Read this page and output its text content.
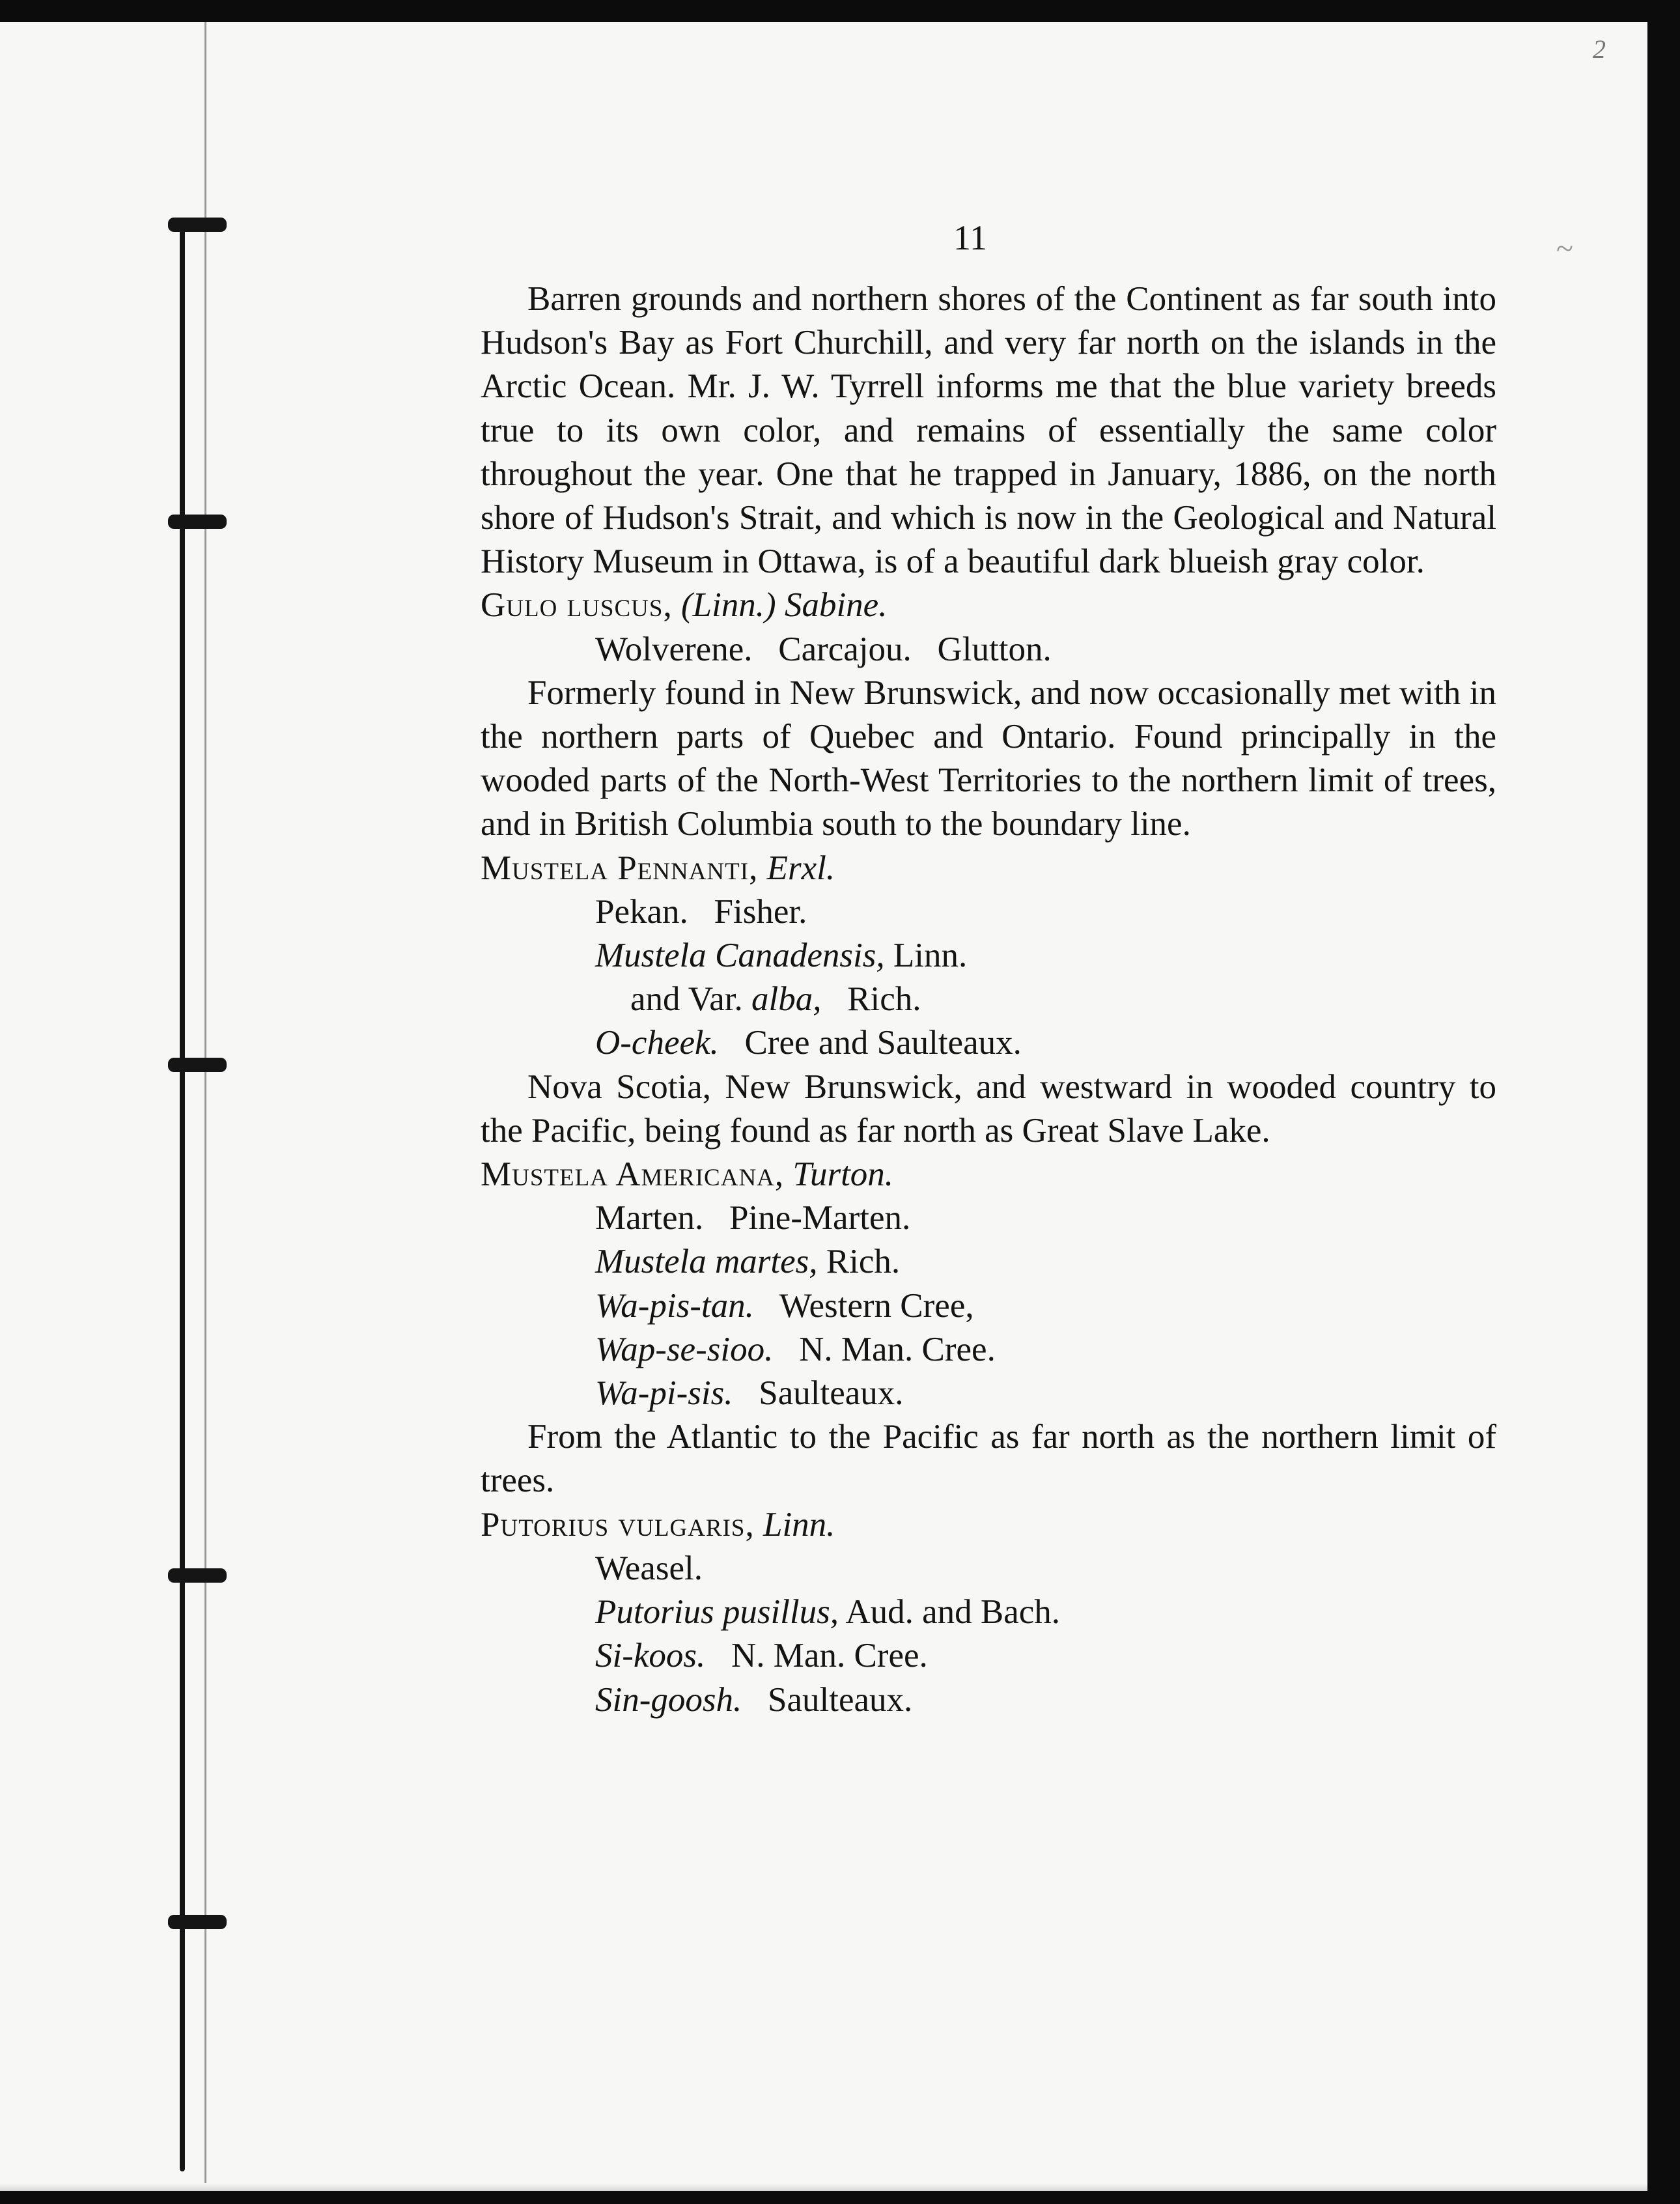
~
2
11

Barren grounds and northern shores of the Continent as far south into Hudson's Bay as Fort Churchill, and very far north on the islands in the Arctic Ocean. Mr. J. W. Tyrrell informs me that the blue variety breeds true to its own color, and remains of essentially the same color throughout the year. One that he trapped in January, 1886, on the north shore of Hudson's Strait, and which is now in the Geological and Natural History Museum in Ottawa, is of a beautiful dark blueish gray color.

Gulo luscus, (Linn.) Sabine.

Wolverene.   Carcajou.   Glutton.

Formerly found in New Brunswick, and now occasionally met with in the northern parts of Quebec and Ontario. Found principally in the wooded parts of the North-West Territories to the northern limit of trees, and in British Columbia south to the boundary line.

Mustela Pennanti, Erxl.

Pekan.   Fisher.

Mustela Canadensis, Linn.

and Var. alba,   Rich.

O-cheek.   Cree and Saulteaux.

Nova Scotia, New Brunswick, and westward in wooded country to the Pacific, being found as far north as Great Slave Lake.

Mustela Americana, Turton.

Marten.   Pine-Marten.

Mustela martes, Rich.

Wa-pis-tan.   Western Cree,

Wap-se-sioo.   N. Man. Cree.

Wa-pi-sis.   Saulteaux.

From the Atlantic to the Pacific as far north as the northern limit of trees.

Putorius vulgaris, Linn.

Weasel.

Putorius pusillus, Aud. and Bach.

Si-koos.   N. Man. Cree.

Sin-goosh.   Saulteaux.
